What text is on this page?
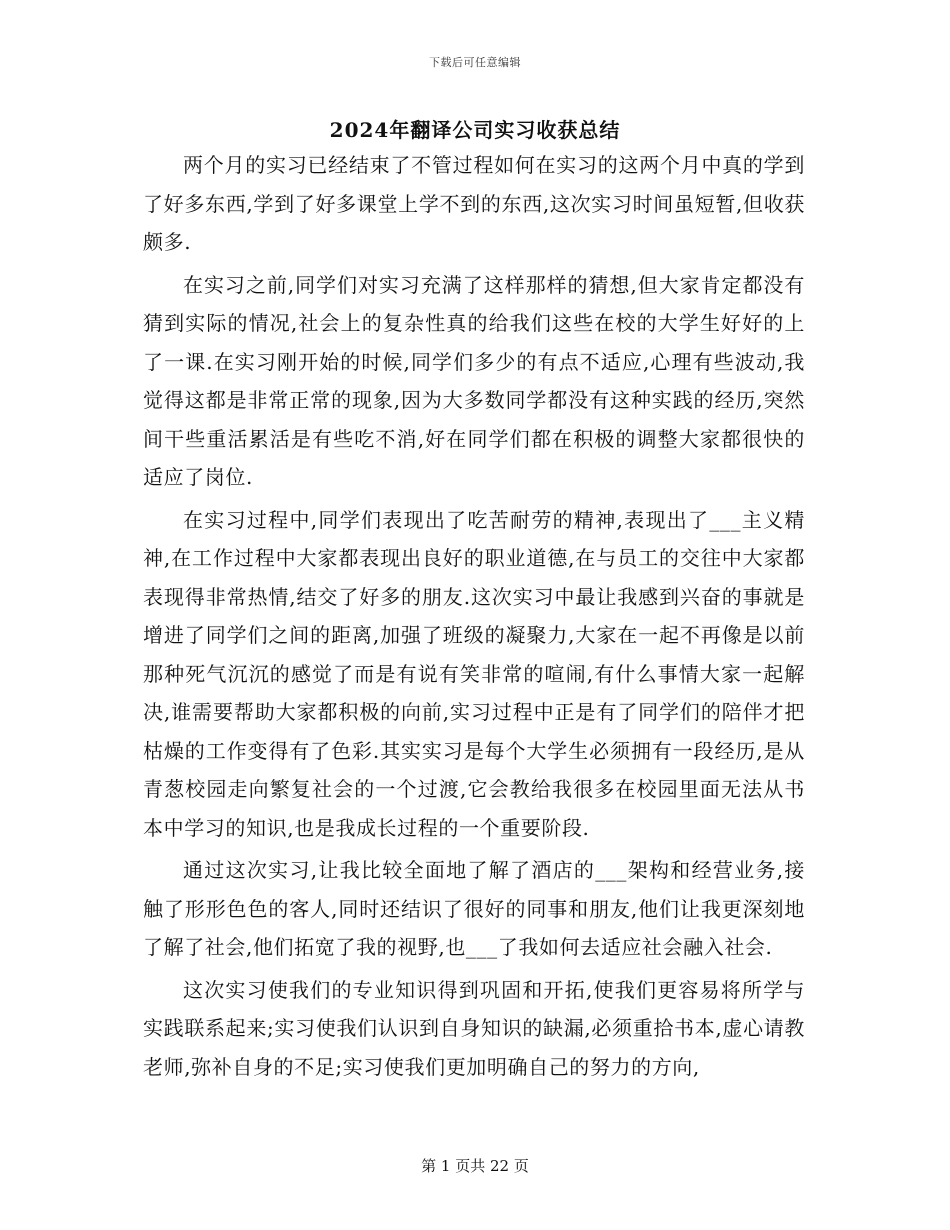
下载后可任意编辑
2024年翻译公司实习收获总结

两个月的实习已经结束了不管过程如何在实习的这两个月中真的学到了好多东西,学到了好多课堂上学不到的东西,这次实习时间虽短暂,但收获颇多.

在实习之前,同学们对实习充满了这样那样的猜想,但大家肯定都没有猜到实际的情况,社会上的复杂性真的给我们这些在校的大学生好好的上了一课.在实习刚开始的时候,同学们多少的有点不适应,心理有些波动,我觉得这都是非常正常的现象,因为大多数同学都没有这种实践的经历,突然间干些重活累活是有些吃不消,好在同学们都在积极的调整大家都很快的适应了岗位.

在实习过程中,同学们表现出了吃苦耐劳的精神,表现出了___主义精神,在工作过程中大家都表现出良好的职业道德,在与员工的交往中大家都表现得非常热情,结交了好多的朋友.这次实习中最让我感到兴奋的事就是增进了同学们之间的距离,加强了班级的凝聚力,大家在一起不再像是以前那种死气沉沉的感觉了而是有说有笑非常的喧闹,有什么事情大家一起解决,谁需要帮助大家都积极的向前,实习过程中正是有了同学们的陪伴才把枯燥的工作变得有了色彩.其实实习是每个大学生必须拥有一段经历,是从青葱校园走向繁复社会的一个过渡,它会教给我很多在校园里面无法从书本中学习的知识,也是我成长过程的一个重要阶段.

通过这次实习,让我比较全面地了解了酒店的___架构和经营业务,接触了形形色色的客人,同时还结识了很好的同事和朋友,他们让我更深刻地了解了社会,他们拓宽了我的视野,也___了我如何去适应社会融入社会.

这次实习使我们的专业知识得到巩固和开拓,使我们更容易将所学与实践联系起来;实习使我们认识到自身知识的缺漏,必须重拾书本,虚心请教老师,弥补自身的不足;实习使我们更加明确自己的努力的方向,

第 1 页共 22 页
